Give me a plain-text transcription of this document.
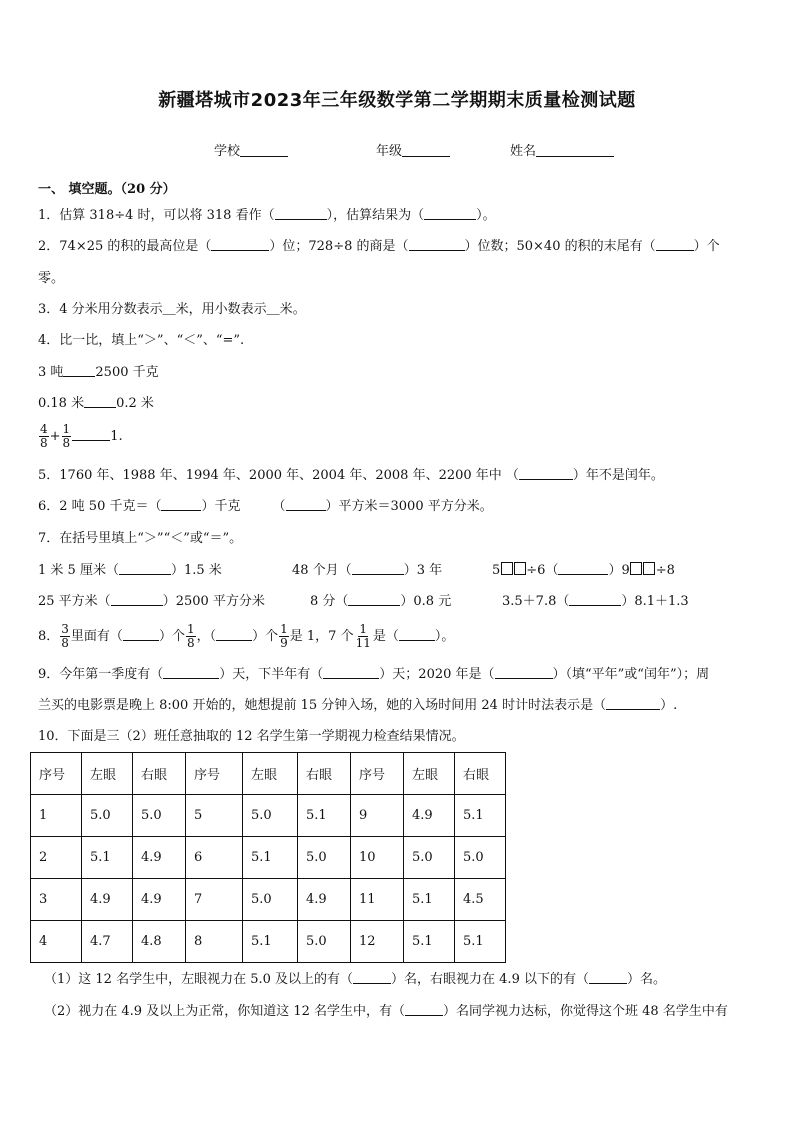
新疆塔城市2023年三年级数学第二学期期末质量检测试题
学校	年级	姓名
一、 填空题。（20 分）
1．估算 318÷4 时，可以将 318 看作（	），估算结果为（	）。
2．74×25 的积的最高位是（	）位；728÷8 的商是（	）位数；50×40 的积的末尾有（	）个
零。
3．4 分米用分数表示＿米，用小数表示＿米。
4．比一比，填上“＞”、“＜”、“=”.
3 吨 2500 千克
0.18 米 0.2 米
$\frac{4}{8} + \frac{1}{8}$	1.
5．1760 年、1988 年、1994 年、2000 年、2004 年、2008 年、2200 年中 （	）年不是闰年。
6．2 吨 50 千克＝（	）千克 （	）平方米＝3000 平方分米。
7．在括号里填上“＞”“＜”或“＝”。
1 米 5 厘米（	）1.5 米	48 个月（	）3 年	5 ÷6（	）9 ÷8
25 平方米（	）2500 平方分米	8 分（	）0.8 元	3.5＋7.8（	）8.1＋1.3
8． $\frac{3}{8}$ 里面有（	）个 $\frac{1}{8}$ ，（	）个 $\frac{1}{9}$ 是 1，7 个 $\frac{1}{11}$ 是（	）。
9．今年第一季度有（	）天，下半年有（	）天；2020 年是（	）（填“平年”或“闰年”）；周
兰买的电影票是晚上 8:00 开始的，她想提前 15 分钟入场，她的入场时间用 24 时计时法表示是（	）.
10．下面是三（2）班任意抽取的 12 名学生第一学期视力检查结果情况。
序号	左眼	右眼	序号	左眼	右眼	序号	左眼	右眼
1	5.0	5.0	5	5.0	5.1	9	4.9	5.1
2	5.1	4.9	6	5.1	5.0	10	5.0	5.0
3	4.9	4.9	7	5.0	4.9	11	5.1	4.5
4	4.7	4.8	8	5.1	5.0	12	5.1	5.1
（1）这 12 名学生中，左眼视力在 5.0 及以上的有（	）名，右眼视力在 4.9 以下的有（	）名。
（2）视力在 4.9 及以上为正常，你知道这 12 名学生中，有（	）名同学视力达标，你觉得这个班 48 名学生中有
